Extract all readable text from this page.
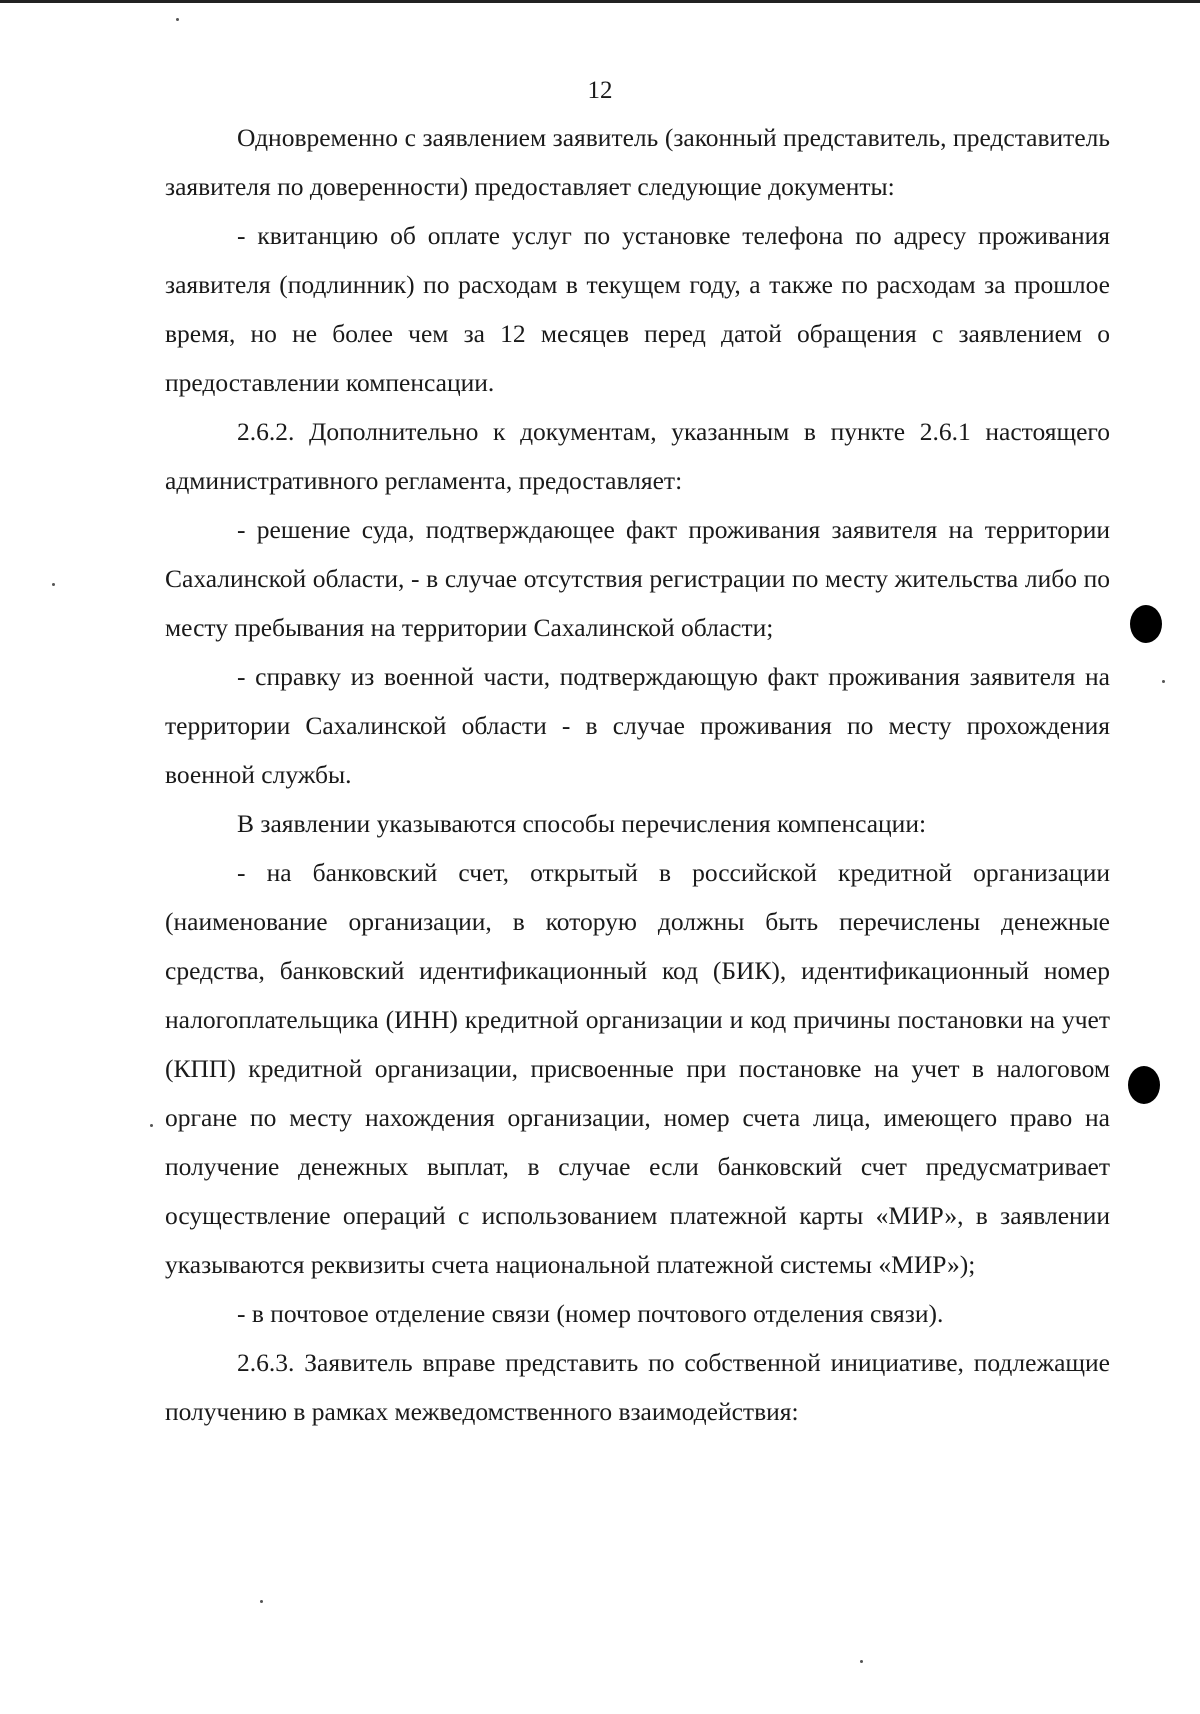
12

Одновременно с заявлением заявитель (законный представитель, представитель заявителя по доверенности) предоставляет следующие документы:

- квитанцию об оплате услуг по установке телефона по адресу проживания заявителя (подлинник) по расходам в текущем году, а также по расходам за прошлое время, но не более чем за 12 месяцев перед датой обращения с заявлением о предоставлении компенсации.

2.6.2. Дополнительно к документам, указанным в пункте 2.6.1 настоящего административного регламента, предоставляет:

- решение суда, подтверждающее факт проживания заявителя на территории Сахалинской области, - в случае отсутствия регистрации по месту жительства либо по месту пребывания на территории Сахалинской области;

- справку из военной части, подтверждающую факт проживания заявителя на территории Сахалинской области - в случае проживания по месту прохождения военной службы.

В заявлении указываются способы перечисления компенсации:

- на банковский счет, открытый в российской кредитной организации (наименование организации, в которую должны быть перечислены денежные средства, банковский идентификационный код (БИК), идентификационный номер налогоплательщика (ИНН) кредитной организации и код причины постановки на учет (КПП) кредитной организации, присвоенные при постановке на учет в налоговом органе по месту нахождения организации, номер счета лица, имеющего право на получение денежных выплат, в случае если банковский счет предусматривает осуществление операций с использованием платежной карты «МИР», в заявлении указываются реквизиты счета национальной платежной системы «МИР»);

- в почтовое отделение связи (номер почтового отделения связи).

2.6.3. Заявитель вправе представить по собственной инициативе, подлежащие получению в рамках межведомственного взаимодействия:
